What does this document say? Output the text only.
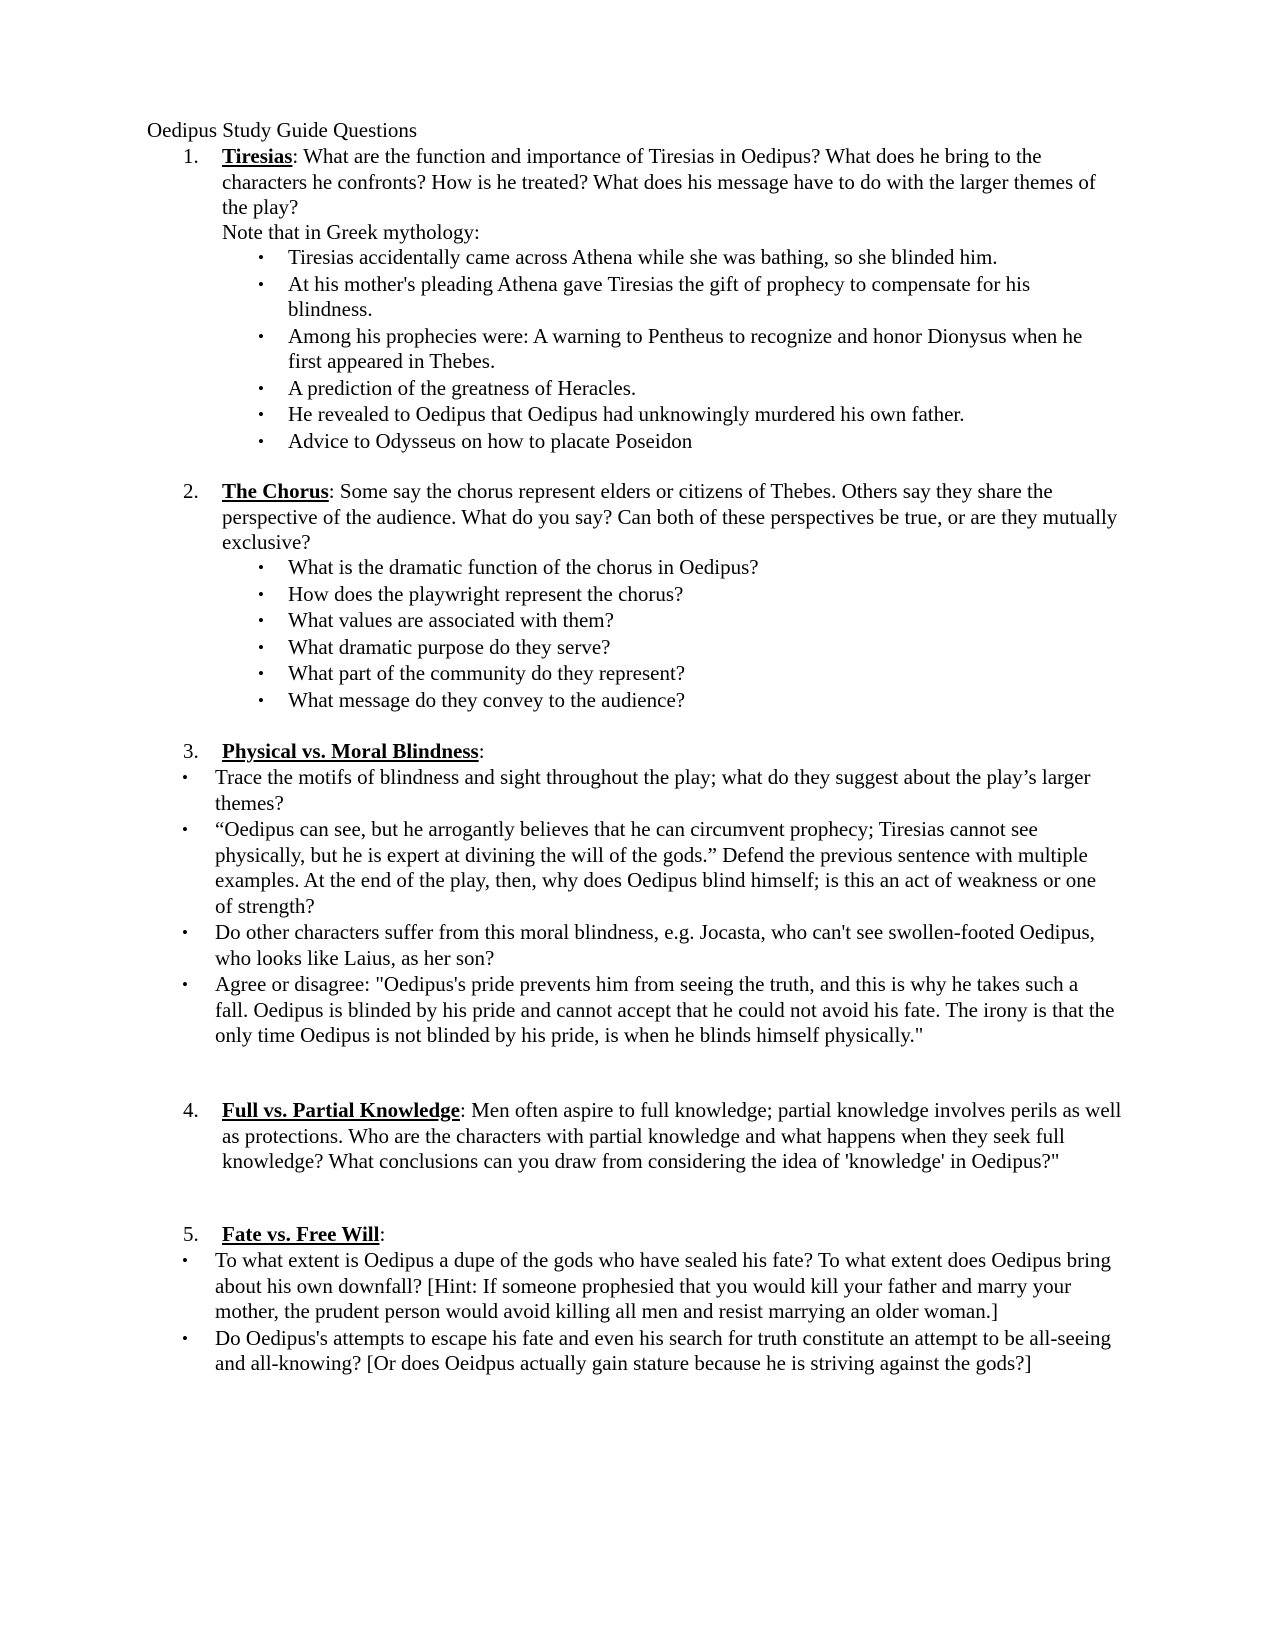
Oedipus Study Guide Questions
1. Tiresias: What are the function and importance of Tiresias in Oedipus? What does he bring to the characters he confronts? How is he treated? What does his message have to do with the larger themes of the play?
Note that in Greek mythology:
• Tiresias accidentally came across Athena while she was bathing, so she blinded him.
• At his mother's pleading Athena gave Tiresias the gift of prophecy to compensate for his blindness.
• Among his prophecies were: A warning to Pentheus to recognize and honor Dionysus when he first appeared in Thebes.
• A prediction of the greatness of Heracles.
• He revealed to Oedipus that Oedipus had unknowingly murdered his own father.
• Advice to Odysseus on how to placate Poseidon
2. The Chorus: Some say the chorus represent elders or citizens of Thebes. Others say they share the perspective of the audience. What do you say? Can both of these perspectives be true, or are they mutually exclusive?
• What is the dramatic function of the chorus in Oedipus?
• How does the playwright represent the chorus?
• What values are associated with them?
• What dramatic purpose do they serve?
• What part of the community do they represent?
• What message do they convey to the audience?
3. Physical vs. Moral Blindness:
• Trace the motifs of blindness and sight throughout the play; what do they suggest about the play’s larger themes?
• “Oedipus can see, but he arrogantly believes that he can circumvent prophecy; Tiresias cannot see physically, but he is expert at divining the will of the gods.” Defend the previous sentence with multiple examples. At the end of the play, then, why does Oedipus blind himself; is this an act of weakness or one of strength?
• Do other characters suffer from this moral blindness, e.g. Jocasta, who can't see swollen-footed Oedipus, who looks like Laius, as her son?
• Agree or disagree: "Oedipus's pride prevents him from seeing the truth, and this is why he takes such a fall. Oedipus is blinded by his pride and cannot accept that he could not avoid his fate. The irony is that the only time Oedipus is not blinded by his pride, is when he blinds himself physically."
4. Full vs. Partial Knowledge: Men often aspire to full knowledge; partial knowledge involves perils as well as protections. Who are the characters with partial knowledge and what happens when they seek full knowledge? What conclusions can you draw from considering the idea of 'knowledge' in Oedipus?"
5. Fate vs. Free Will:
• To what extent is Oedipus a dupe of the gods who have sealed his fate? To what extent does Oedipus bring about his own downfall? [Hint: If someone prophesied that you would kill your father and marry your mother, the prudent person would avoid killing all men and resist marrying an older woman.]
• Do Oedipus's attempts to escape his fate and even his search for truth constitute an attempt to be all-seeing and all-knowing? [Or does Oeidpus actually gain stature because he is striving against the gods?]
